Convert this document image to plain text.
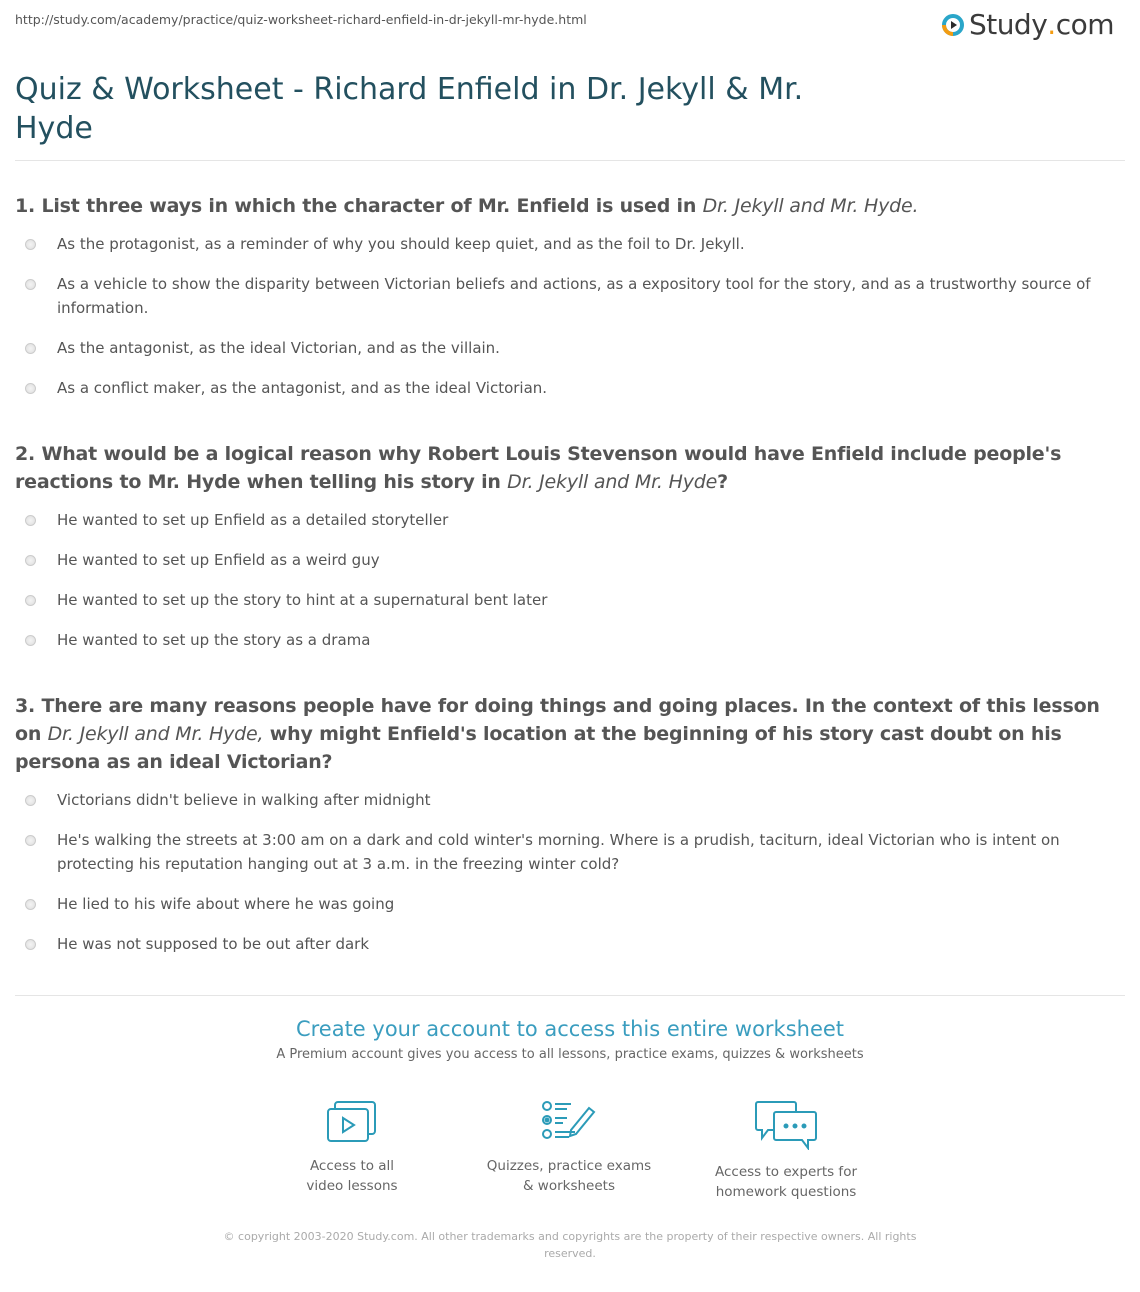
http://study.com/academy/practice/quiz-worksheet-richard-enfield-in-dr-jekyll-mr-hyde.html	Study . com
Quiz & Worksheet - Richard Enfield in Dr. Jekyll & Mr. Hyde
1. List three ways in which the character of Mr. Enfield is used in Dr. Jekyll and Mr. Hyde.
As the protagonist, as a reminder of why you should keep quiet, and as the foil to Dr. Jekyll.
As a vehicle to show the disparity between Victorian beliefs and actions, as a expository tool for the story, and as a trustworthy source of information.
As the antagonist, as the ideal Victorian, and as the villain.
As a conflict maker, as the antagonist, and as the ideal Victorian.
2. What would be a logical reason why Robert Louis Stevenson would have Enfield include people's reactions to Mr. Hyde when telling his story in Dr. Jekyll and Mr. Hyde?
He wanted to set up Enfield as a detailed storyteller
He wanted to set up Enfield as a weird guy
He wanted to set up the story to hint at a supernatural bent later
He wanted to set up the story as a drama
3. There are many reasons people have for doing things and going places. In the context of this lesson on Dr. Jekyll and Mr. Hyde, why might Enfield's location at the beginning of his story cast doubt on his persona as an ideal Victorian?
Victorians didn't believe in walking after midnight
He's walking the streets at 3:00 am on a dark and cold winter's morning. Where is a prudish, taciturn, ideal Victorian who is intent on protecting his reputation hanging out at 3 a.m. in the freezing winter cold?
He lied to his wife about where he was going
He was not supposed to be out after dark
Create your account to access this entire worksheet

A Premium account gives you access to all lessons, practice exams, quizzes & worksheets

Access to all
video lessons
Quizzes, practice exams
& worksheets
Access to experts for
homework questions
© copyright 2003-2020 Study.com. All other trademarks and copyrights are the property of their respective owners. All rights reserved.
